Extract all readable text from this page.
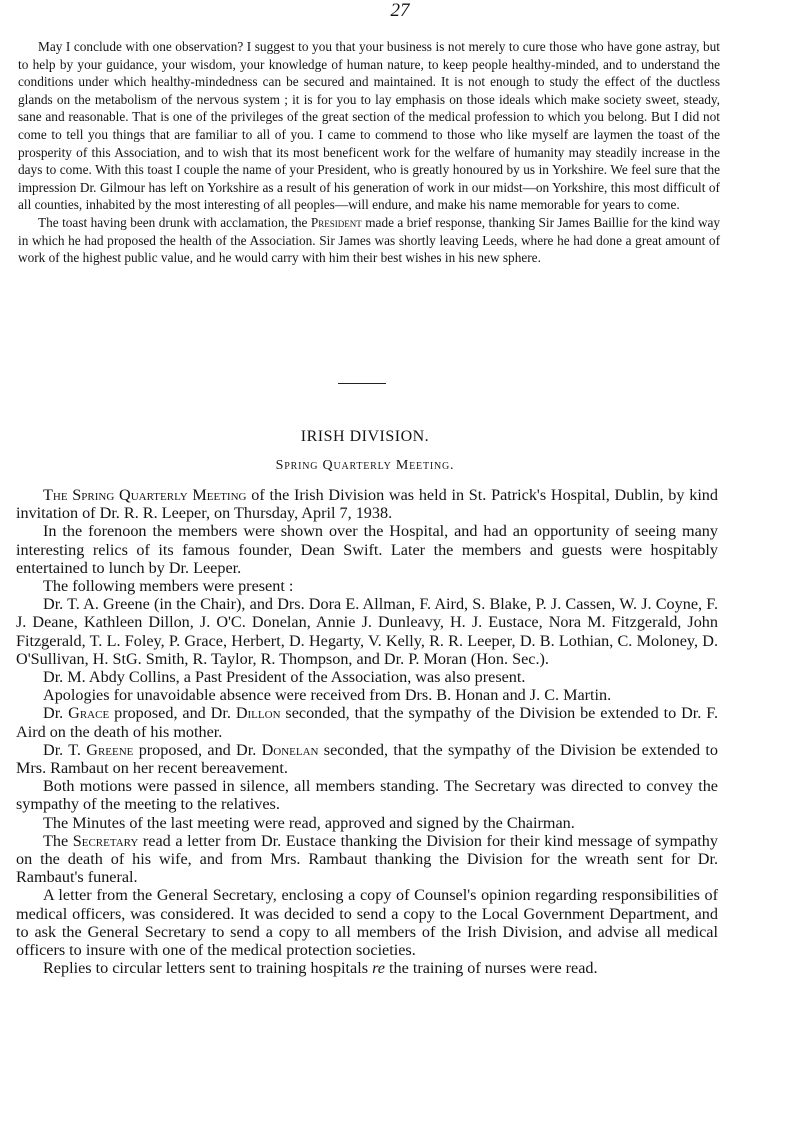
27

May I conclude with one observation? I suggest to you that your business is not merely to cure those who have gone astray, but to help by your guidance, your wisdom, your knowledge of human nature, to keep people healthy-minded, and to understand the conditions under which healthy-mindedness can be secured and maintained. It is not enough to study the effect of the ductless glands on the metabolism of the nervous system ; it is for you to lay emphasis on those ideals which make society sweet, steady, sane and reasonable. That is one of the privileges of the great section of the medical profession to which you belong. But I did not come to tell you things that are familiar to all of you. I came to commend to those who like myself are laymen the toast of the prosperity of this Association, and to wish that its most beneficent work for the welfare of humanity may steadily increase in the days to come. With this toast I couple the name of your President, who is greatly honoured by us in Yorkshire. We feel sure that the impression Dr. Gilmour has left on Yorkshire as a result of his generation of work in our midst—on Yorkshire, this most difficult of all counties, inhabited by the most interesting of all peoples—will endure, and make his name memorable for years to come.

The toast having been drunk with acclamation, the President made a brief response, thanking Sir James Baillie for the kind way in which he had proposed the health of the Association. Sir James was shortly leaving Leeds, where he had done a great amount of work of the highest public value, and he would carry with him their best wishes in his new sphere.

IRISH DIVISION.
Spring Quarterly Meeting.

The Spring Quarterly Meeting of the Irish Division was held in St. Patrick's Hospital, Dublin, by kind invitation of Dr. R. R. Leeper, on Thursday, April 7, 1938.

In the forenoon the members were shown over the Hospital, and had an opportunity of seeing many interesting relics of its famous founder, Dean Swift. Later the members and guests were hospitably entertained to lunch by Dr. Leeper.

The following members were present :

Dr. T. A. Greene (in the Chair), and Drs. Dora E. Allman, F. Aird, S. Blake, P. J. Cassen, W. J. Coyne, F. J. Deane, Kathleen Dillon, J. O'C. Donelan, Annie J. Dunleavy, H. J. Eustace, Nora M. Fitzgerald, John Fitzgerald, T. L. Foley, P. Grace, Herbert, D. Hegarty, V. Kelly, R. R. Leeper, D. B. Lothian, C. Moloney, D. O'Sullivan, H. StG. Smith, R. Taylor, R. Thompson, and Dr. P. Moran (Hon. Sec.).

Dr. M. Abdy Collins, a Past President of the Association, was also present.

Apologies for unavoidable absence were received from Drs. B. Honan and J. C. Martin.

Dr. Grace proposed, and Dr. Dillon seconded, that the sympathy of the Division be extended to Dr. F. Aird on the death of his mother.

Dr. T. Greene proposed, and Dr. Donelan seconded, that the sympathy of the Division be extended to Mrs. Rambaut on her recent bereavement.

Both motions were passed in silence, all members standing. The Secretary was directed to convey the sympathy of the meeting to the relatives.

The Minutes of the last meeting were read, approved and signed by the Chairman.

The Secretary read a letter from Dr. Eustace thanking the Division for their kind message of sympathy on the death of his wife, and from Mrs. Rambaut thanking the Division for the wreath sent for Dr. Rambaut's funeral.

A letter from the General Secretary, enclosing a copy of Counsel's opinion regarding responsibilities of medical officers, was considered. It was decided to send a copy to the Local Government Department, and to ask the General Secretary to send a copy to all members of the Irish Division, and advise all medical officers to insure with one of the medical protection societies.

Replies to circular letters sent to training hospitals re the training of nurses were read.
